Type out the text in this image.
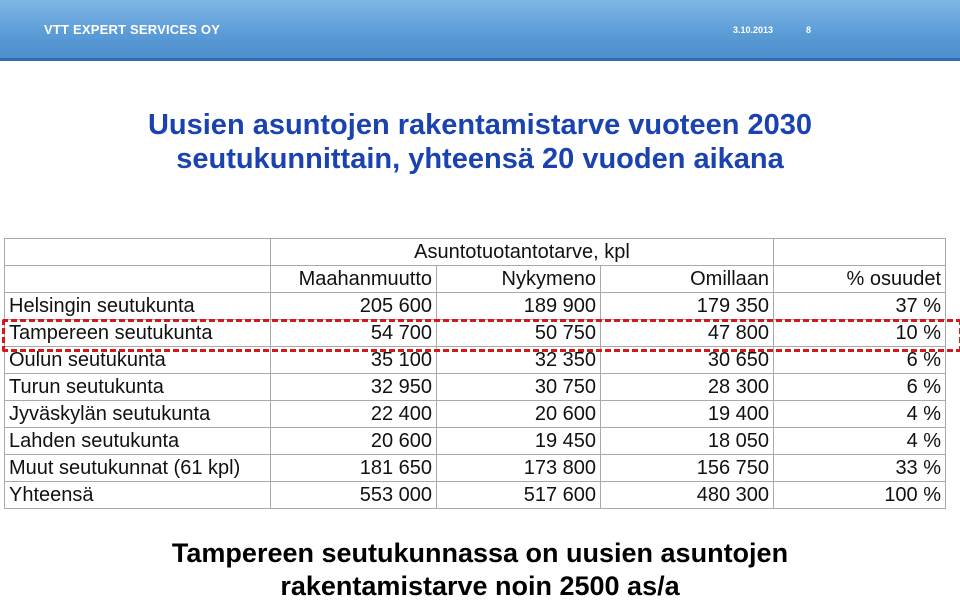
VTT EXPERT SERVICES OY	3.10.2013	8
Uusien asuntojen rakentamistarve vuoteen 2030
seutukunnittain, yhteensä 20 vuoden aikana
	Asuntotuotantotarve, kpl			
	Maahanmuutto	Nykymeno	Omillaan	% osuudet
Helsingin seutukunta	205 600	189 900	179 350	37 %
Tampereen seutukunta	54 700	50 750	47 800	10 %
Oulun seutukunta	35 100	32 350	30 650	6 %
Turun seutukunta	32 950	30 750	28 300	6 %
Jyväskylän seutukunta	22 400	20 600	19 400	4 %
Lahden seutukunta	20 600	19 450	18 050	4 %
Muut seutukunnat (61 kpl)	181 650	173 800	156 750	33 %
Yhteensä	553 000	517 600	480 300	100 %
Tampereen seutukunnassa on uusien asuntojen
rakentamistarve noin 2500 as/a
